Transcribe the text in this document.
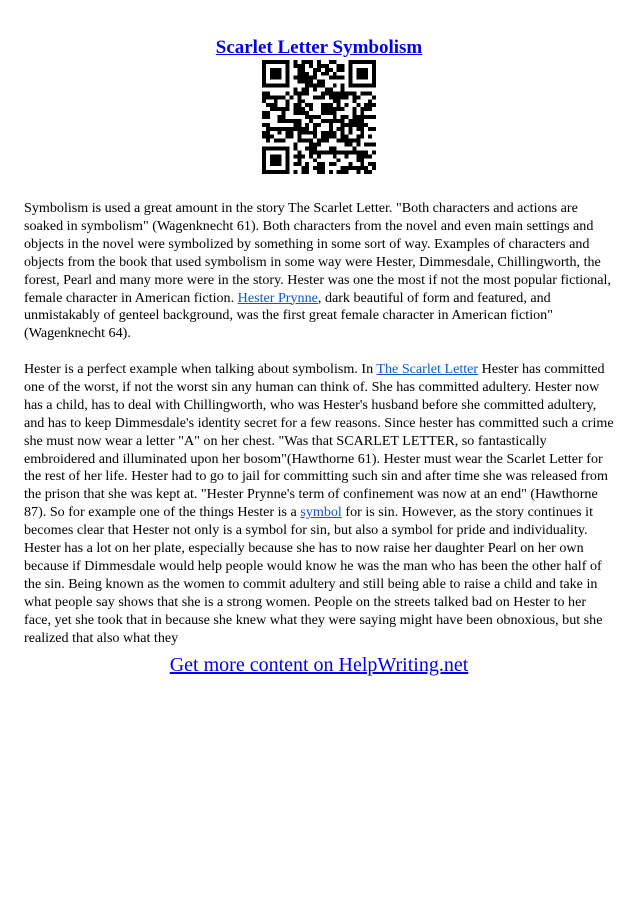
Scarlet Letter Symbolism

Symbolism is used a great amount in the story The Scarlet Letter. "Both characters and actions are soaked in symbolism" (Wagenknecht 61). Both characters from the novel and even main settings and objects in the novel were symbolized by something in some sort of way. Examples of characters and objects from the book that used symbolism in some way were Hester, Dimmesdale, Chillingworth, the forest, Pearl and many more were in the story. Hester was one the most if not the most popular fictional, female character in American fiction. Hester Prynne, dark beautiful of form and featured, and unmistakably of genteel background, was the first great female character in American fiction" (Wagenknecht 64).

Hester is a perfect example when talking about symbolism. In The Scarlet Letter Hester has committed one of the worst, if not the worst sin any human can think of. She has committed adultery. Hester now has a child, has to deal with Chillingworth, who was Hester's husband before she committed adultery, and has to keep Dimmesdale's identity secret for a few reasons. Since hester has committed such a crime she must now wear a letter "A" on her chest. "Was that SCARLET LETTER, so fantastically embroidered and illuminated upon her bosom"(Hawthorne 61). Hester must wear the Scarlet Letter for the rest of her life. Hester had to go to jail for committing such sin and after time she was released from the prison that she was kept at. "Hester Prynne's term of confinement was now at an end" (Hawthorne 87). So for example one of the things Hester is a symbol for is sin. However, as the story continues it becomes clear that Hester not only is a symbol for sin, but also a symbol for pride and individuality. Hester has a lot on her plate, especially because she has to now raise her daughter Pearl on her own because if Dimmesdale would help people would know he was the man who has been the other half of the sin. Being known as the women to commit adultery and still being able to raise a child and take in what people say shows that she is a strong women. People on the streets talked bad on Hester to her face, yet she took that in because she knew what they were saying might have been obnoxious, but she realized that also what they

Get more content on HelpWriting.net
